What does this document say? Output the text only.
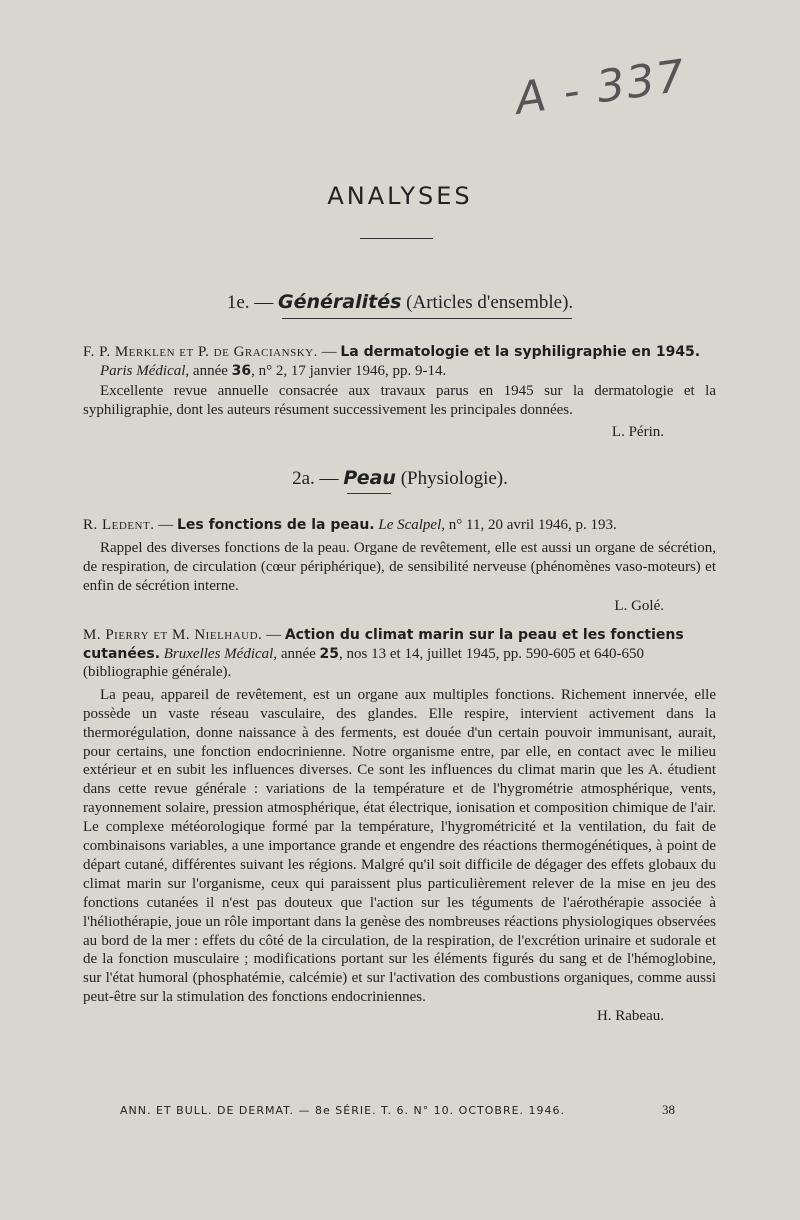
A - 337
ANALYSES
1e. — Généralités (Articles d'ensemble).
F. P. Merklen et P. de Graciansky. — La dermatologie et la syphiligraphie en 1945.
Paris Médical, année 36, n° 2, 17 janvier 1946, pp. 9-14.
Excellente revue annuelle consacrée aux travaux parus en 1945 sur la dermatologie et la syphiligraphie, dont les auteurs résument successivement les principales données.
L. Périn.
2a. — Peau (Physiologie).
R. Ledent. — Les fonctions de la peau. Le Scalpel, n° 11, 20 avril 1946, p. 193.
Rappel des diverses fonctions de la peau. Organe de revêtement, elle est aussi un organe de sécrétion, de respiration, de circulation (cœur périphérique), de sensibilité nerveuse (phénomènes vaso-moteurs) et enfin de sécrétion interne.
L. Golé.
M. Pierry et M. Nielhaud. — Action du climat marin sur la peau et les fonctiens cutanées. Bruxelles Médical, année 25, nos 13 et 14, juillet 1945, pp. 590-605 et 640-650 (bibliographie générale).
La peau, appareil de revêtement, est un organe aux multiples fonctions. Richement innervée, elle possède un vaste réseau vasculaire, des glandes. Elle respire, intervient activement dans la thermorégulation, donne naissance à des ferments, est douée d'un certain pouvoir immunisant, aurait, pour certains, une fonction endocrinienne. Notre organisme entre, par elle, en contact avec le milieu extérieur et en subit les influences diverses. Ce sont les influences du climat marin que les A. étudient dans cette revue générale : variations de la température et de l'hygrométrie atmosphérique, vents, rayonnement solaire, pression atmosphérique, état électrique, ionisation et composition chimique de l'air. Le complexe météorologique formé par la température, l'hygrométricité et la ventilation, du fait de combinaisons variables, a une importance grande et engendre des réactions thermogénétiques, à point de départ cutané, différentes suivant les régions. Malgré qu'il soit difficile de dégager des effets globaux du climat marin sur l'organisme, ceux qui paraissent plus particulièrement relever de la mise en jeu des fonctions cutanées il n'est pas douteux que l'action sur les téguments de l'aérothérapie associée à l'héliothérapie, joue un rôle important dans la genèse des nombreuses réactions physiologiques observées au bord de la mer : effets du côté de la circulation, de la respiration, de l'excrétion urinaire et sudorale et de la fonction musculaire ; modifications portant sur les éléments figurés du sang et de l'hémoglobine, sur l'état humoral (phosphatémie, calcémie) et sur l'activation des combustions organiques, comme aussi peut-être sur la stimulation des fonctions endocriniennes.
H. Rabeau.
ANN. ET BULL. DE DERMAT. — 8e SÉRIE. T. 6. N° 10. OCTOBRE. 1946.	38
